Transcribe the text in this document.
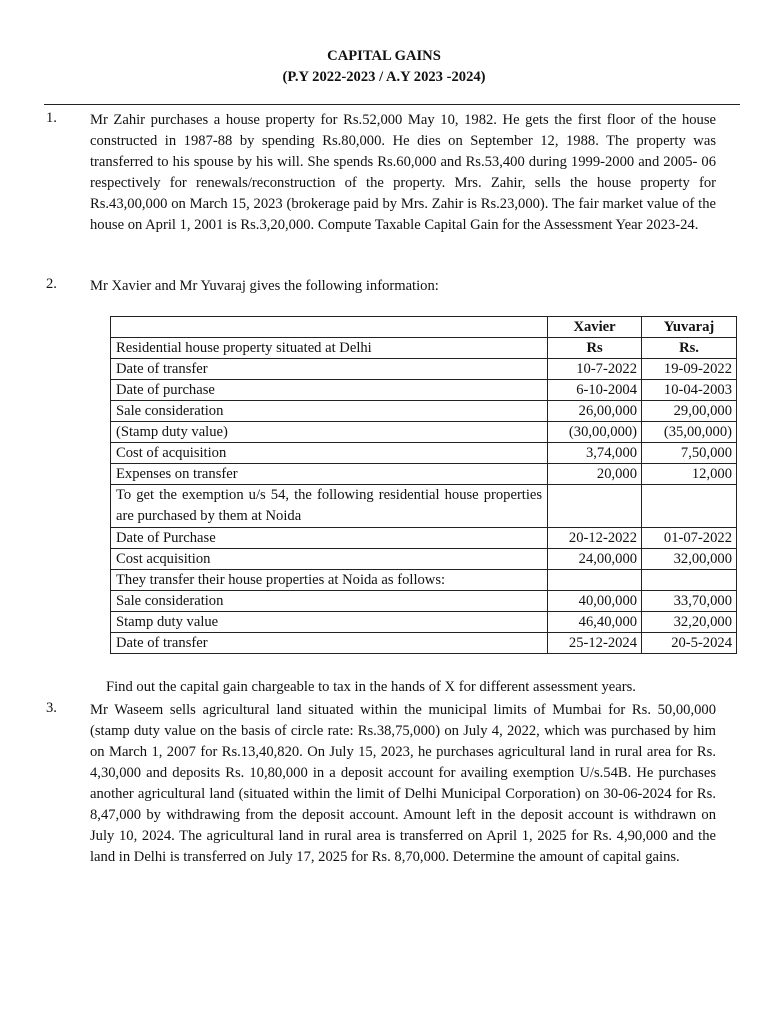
CAPITAL GAINS
(P.Y 2022-2023 / A.Y 2023 -2024)
1. Mr Zahir purchases a house property for Rs.52,000 May 10, 1982. He gets the first floor of the house constructed in 1987-88 by spending Rs.80,000. He dies on September 12, 1988. The property was transferred to his spouse by his will. She spends Rs.60,000 and Rs.53,400 during 1999-2000 and 2005- 06 respectively for renewals/reconstruction of the property. Mrs. Zahir, sells the house property for Rs.43,00,000 on March 15, 2023 (brokerage paid by Mrs. Zahir is Rs.23,000). The fair market value of the house on April 1, 2001 is Rs.3,20,000. Compute Taxable Capital Gain for the Assessment Year 2023-24.
2. Mr Xavier and Mr Yuvaraj gives the following information:
	Xavier	Yuvaraj
Residential house property situated at Delhi	Rs	Rs.
Date of transfer	10-7-2022	19-09-2022
Date of purchase	6-10-2004	10-04-2003
Sale consideration	26,00,000	29,00,000
(Stamp duty value)	(30,00,000)	(35,00,000)
Cost of acquisition	3,74,000	7,50,000
Expenses on transfer	20,000	12,000
To get the exemption u/s 54, the following residential house properties are purchased by them at Noida		
Date of Purchase	20-12-2022	01-07-2022
Cost acquisition	24,00,000	32,00,000
They transfer their house properties at Noida as follows:		
Sale consideration	40,00,000	33,70,000
Stamp duty value	46,40,000	32,20,000
Date of transfer	25-12-2024	20-5-2024
Find out the capital gain chargeable to tax in the hands of X for different assessment years.
3. Mr Waseem sells agricultural land situated within the municipal limits of Mumbai for Rs. 50,00,000 (stamp duty value on the basis of circle rate: Rs.38,75,000) on July 4, 2022, which was purchased by him on March 1, 2007 for Rs.13,40,820. On July 15, 2023, he purchases agricultural land in rural area for Rs. 4,30,000 and deposits Rs. 10,80,000 in a deposit account for availing exemption U/s.54B. He purchases another agricultural land (situated within the limit of Delhi Municipal Corporation) on 30-06-2024 for Rs. 8,47,000 by withdrawing from the deposit account. Amount left in the deposit account is withdrawn on July 10, 2024. The agricultural land in rural area is transferred on April 1, 2025 for Rs. 4,90,000 and the land in Delhi is transferred on July 17, 2025 for Rs. 8,70,000. Determine the amount of capital gains.
